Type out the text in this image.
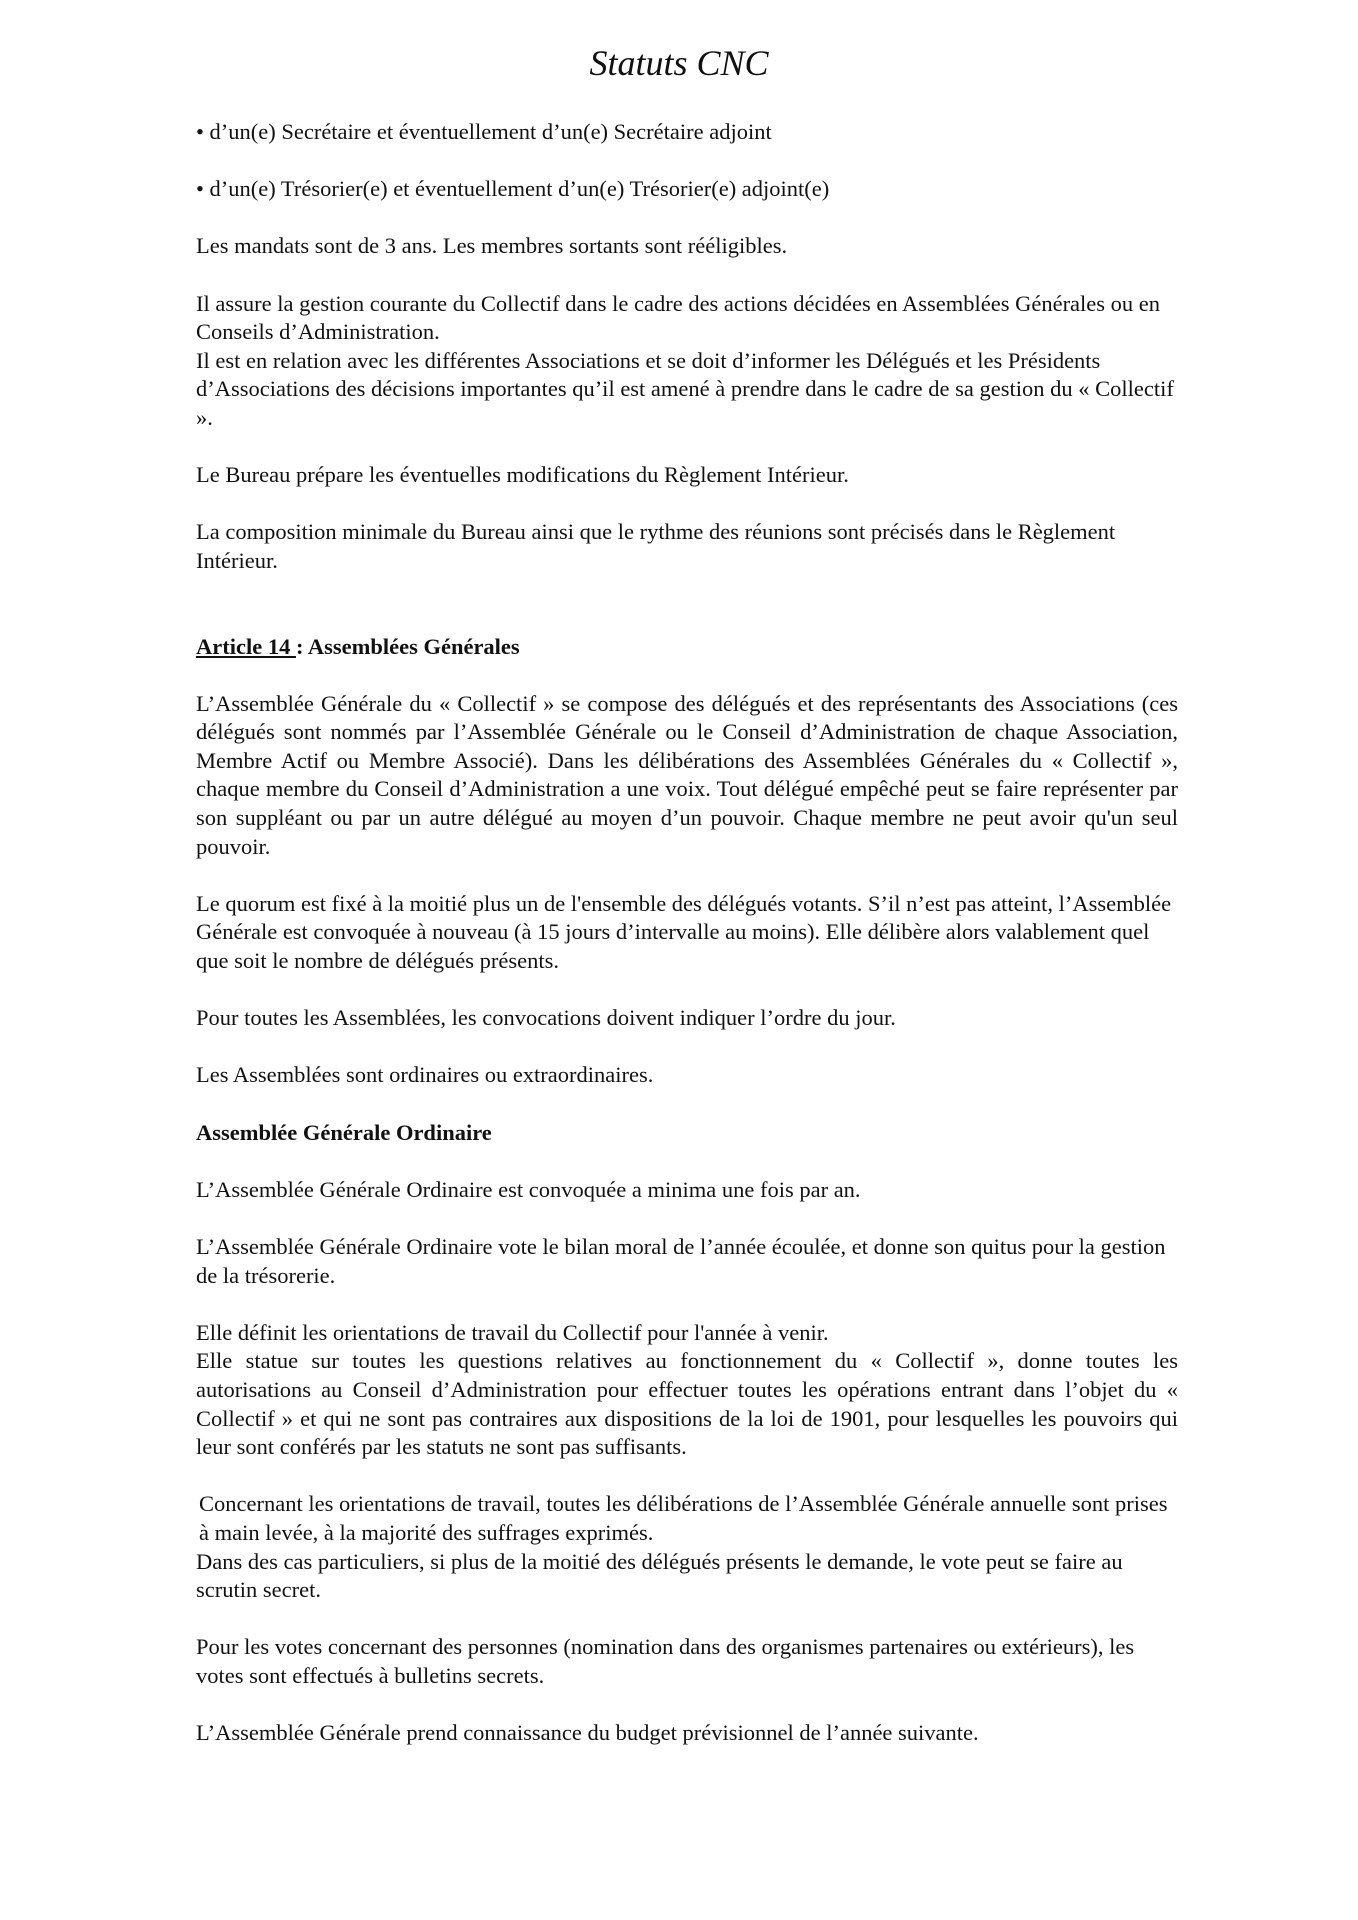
Statuts CNC

• d’un(e) Secrétaire et éventuellement d’un(e) Secrétaire adjoint

• d’un(e) Trésorier(e) et éventuellement d’un(e) Trésorier(e) adjoint(e)

Les mandats sont de 3 ans. Les membres sortants sont rééligibles.

Il assure la gestion courante du Collectif dans le cadre des actions décidées en Assemblées Générales ou en Conseils d’Administration.

Il est en relation avec les différentes Associations et se doit d’informer les Délégués et les Présidents d’Associations des décisions importantes qu’il est amené à prendre dans le cadre de sa gestion du « Collectif ».

Le Bureau prépare les éventuelles modifications du Règlement Intérieur.

La composition minimale du Bureau ainsi que le rythme des réunions sont précisés dans le Règlement Intérieur.

Article 14 : Assemblées Générales

L’Assemblée Générale du « Collectif » se compose des délégués et des représentants des Associations (ces délégués sont nommés par l’Assemblée Générale ou le Conseil d’Administration de chaque Association, Membre Actif ou Membre Associé). Dans les délibérations des Assemblées Générales du « Collectif », chaque membre du Conseil d’Administration a une voix. Tout délégué empêché peut se faire représenter par son suppléant ou par un autre délégué au moyen d’un pouvoir. Chaque membre ne peut avoir qu'un seul pouvoir.

Le quorum est fixé à la moitié plus un de l'ensemble des délégués votants. S’il n’est pas atteint, l’Assemblée Générale est convoquée à nouveau (à 15 jours d’intervalle au moins). Elle délibère alors valablement quel que soit le nombre de délégués présents.

Pour toutes les Assemblées, les convocations doivent indiquer l’ordre du jour.

Les Assemblées sont ordinaires ou extraordinaires.

Assemblée Générale Ordinaire

L’Assemblée Générale Ordinaire est convoquée a minima une fois par an.

L’Assemblée Générale Ordinaire vote le bilan moral de l’année écoulée, et donne son quitus pour la gestion de la trésorerie.

Elle définit les orientations de travail du Collectif pour l'année à venir.

Elle statue sur toutes les questions relatives au fonctionnement du « Collectif », donne toutes les autorisations au Conseil d’Administration pour effectuer toutes les opérations entrant dans l’objet du « Collectif » et qui ne sont pas contraires aux dispositions de la loi de 1901, pour lesquelles les pouvoirs qui leur sont conférés par les statuts ne sont pas suffisants.

Concernant les orientations de travail, toutes les délibérations de l’Assemblée Générale annuelle sont prises à main levée, à la majorité des suffrages exprimés.

Dans des cas particuliers, si plus de la moitié des délégués présents le demande, le vote peut se faire au scrutin secret.

Pour les votes concernant des personnes (nomination dans des organismes partenaires ou extérieurs), les votes sont effectués à bulletins secrets.

L’Assemblée Générale prend connaissance du budget prévisionnel de l’année suivante.
